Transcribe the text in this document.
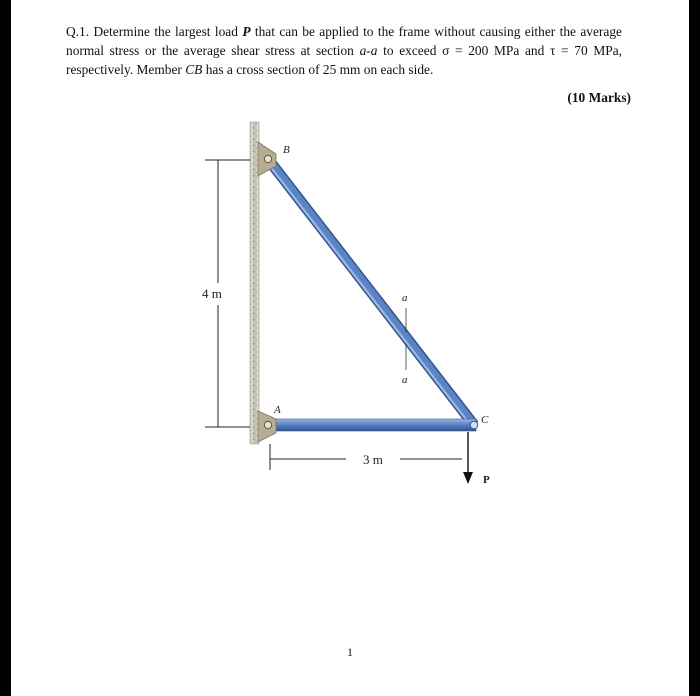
Q.1. Determine the largest load P that can be applied to the frame without causing either the average normal stress or the average shear stress at section a-a to exceed σ = 200 MPa and τ = 70 MPa, respectively. Member CB has a cross section of 25 mm on each side.
(10 Marks)
4 m	a
a
3 m
B
A
C
P
1
